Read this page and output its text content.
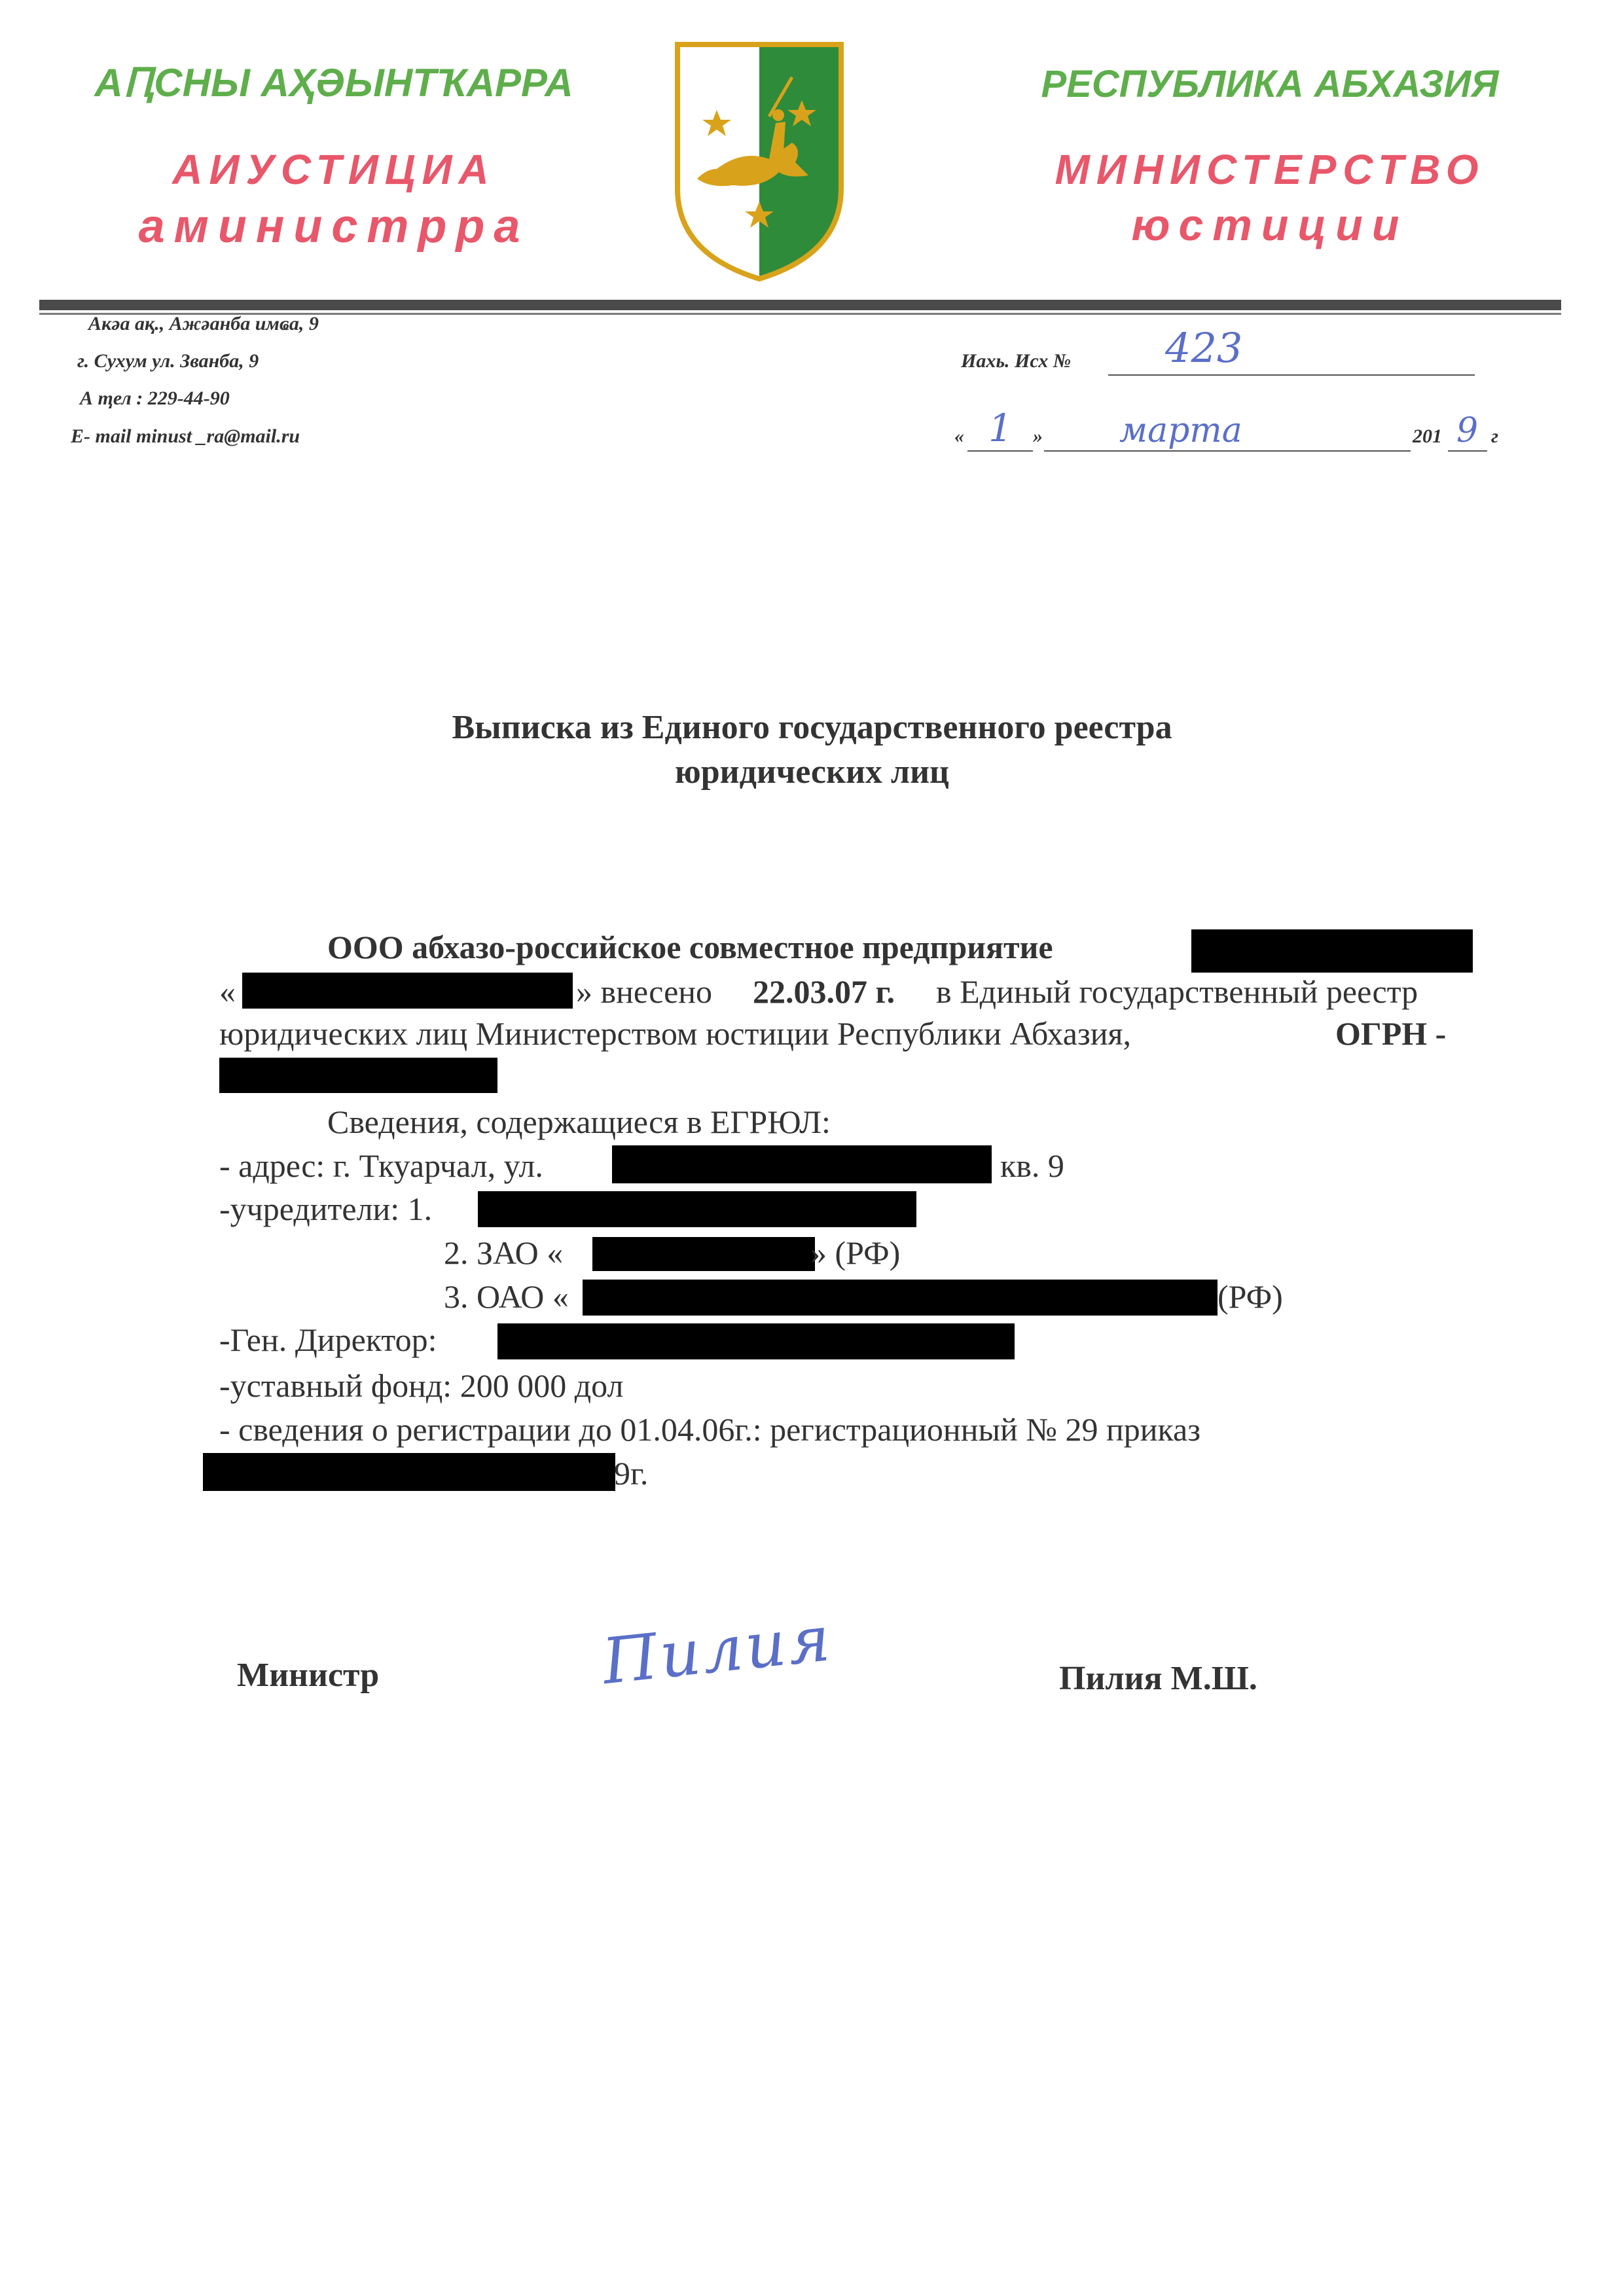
АԤСНЫ АҲӘЫНТҠАРРА
АИУСТИЦИА
аминистрра
РЕСПУБЛИКА АБХАЗИЯ
МИНИСТЕРСТВО
юстиции
Акәа ақ., Ажәанба имҩа, 9
г. Сухум ул. Званба, 9
А ҭел : 229-44-90
E- mail minust _ra@mail.ru
Иахь. Исх № 423
« 1 » марта	201 9 г
Выписка из Единого государственного реестра
юридических лиц
ООО абхазо-российское совместное предприятие
«	» внесено 22.03.07 г. в Единый государственный реестр
юридических лиц Министерством юстиции Республики Абхазия,	ОГРН -
Сведения, содержащиеся в ЕГРЮЛ:
- адрес: г. Ткуарчал, ул.	кв. 9
-учредители: 1.
2. ЗАО «	» (РФ)
3. ОАО «	(РФ)
-Ген. Директор:
-уставный фонд: 200 000 дол
- сведения о регистрации до 01.04.06г.: регистрационный № 29 приказ
9г.
Министр	Пилия	Пилия М.Ш.
